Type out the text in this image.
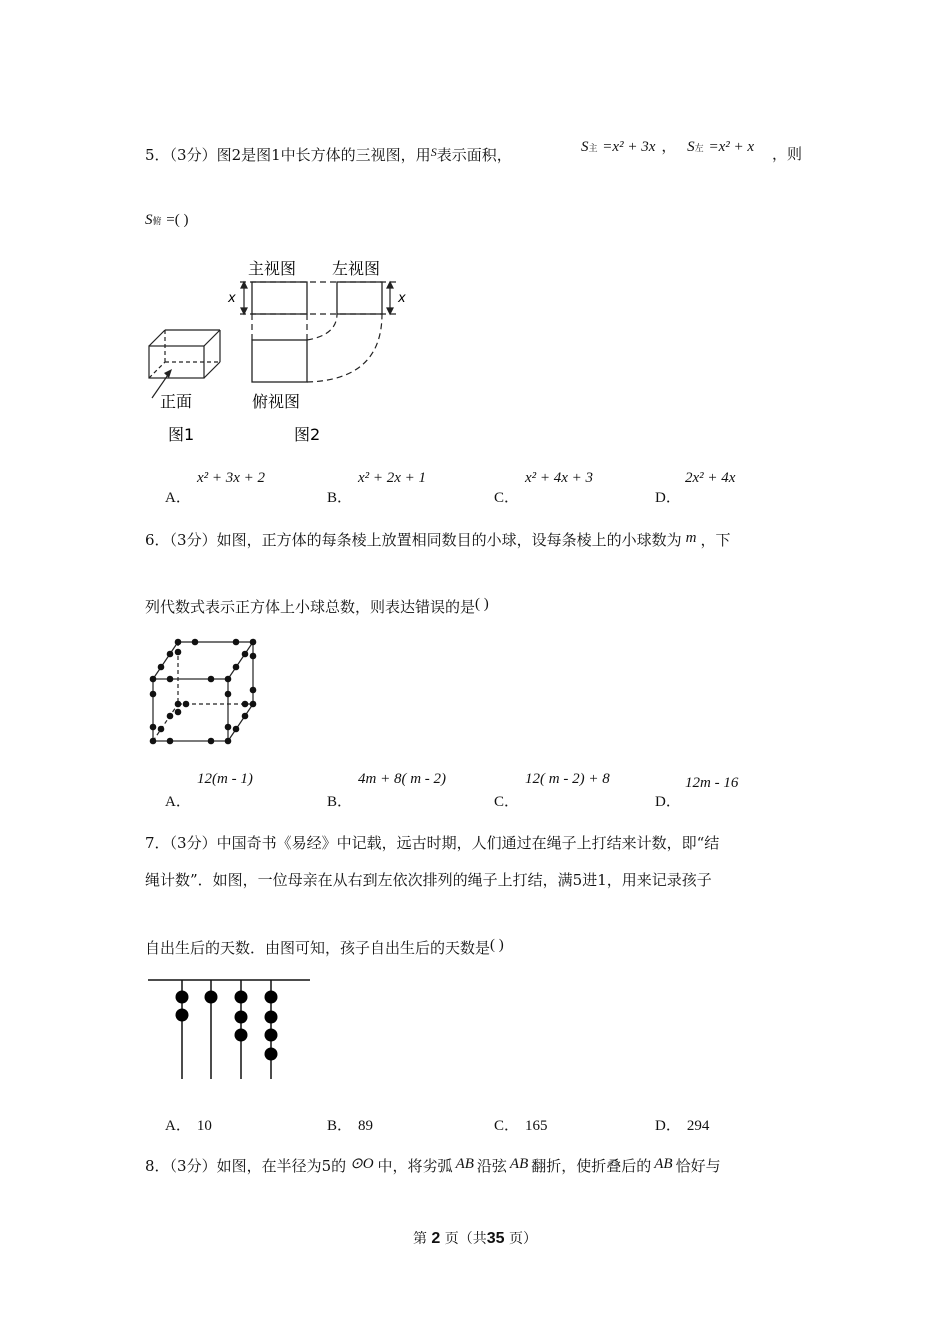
5．（3分）图2是图1中长方体的三视图，用$^S$表示面积，	S主 =x² + 3x ， S左 =x² + x ，则
S俯 =( )
主视图 左视图
俯视图
正面
图1	图2
x	x
A．
x² + 3x + 2
B．
x² + 2x + 1
C．
x² + 4x + 3
D．
2x² + 4x
6．（3分）如图，正方体的每条棱上放置相同数目的小球，设每条棱上的小球数为 m ，下
列代数式表示正方体上小球总数，则表达错误的是( )
A．
12(m - 1)
B．
4m + 8( m - 2)
C．
12( m - 2) + 8
D．
12m - 16
7．（3分）中国奇书《易经》中记载，远古时期，人们通过在绳子上打结来计数，即“结
绳计数”．如图，一位母亲在从右到左依次排列的绳子上打结，满5进1，用来记录孩子
自出生后的天数．由图可知，孩子自出生后的天数是( )
A． 10	B． 89	C． 165	D． 294
8．（3分）如图，在半径为5的 ⊙O 中，将劣弧 AB 沿弦 AB 翻折，使折叠后的 AB 恰好与
第 2 页（共35 页）
